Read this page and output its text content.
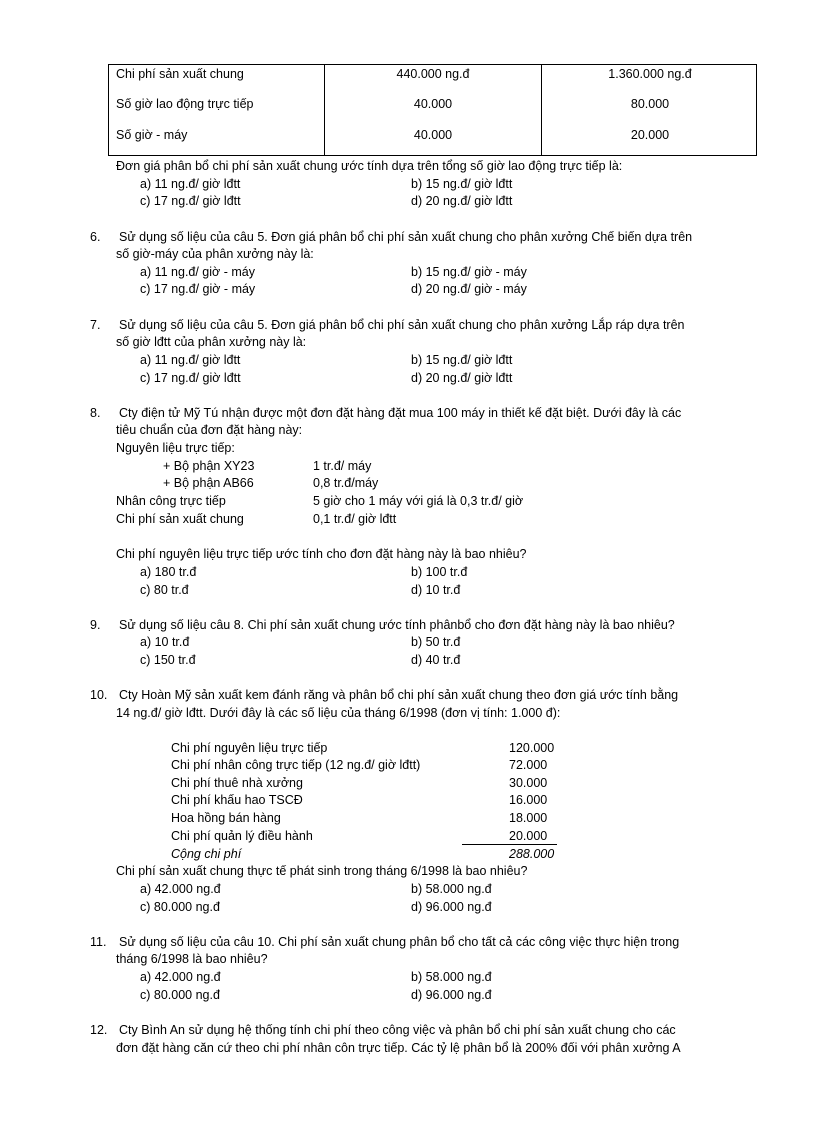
Chi phí sản xuất chung	440.000 ng.đ	1.360.000 ng.đ
Số giờ lao động trực tiếp	40.000	80.000
Số giờ - máy	40.000	20.000
Đơn giá phân bổ chi phí sản xuất chung ước tính dựa trên tổng số giờ lao động trực tiếp là:
a) 11 ng.đ/ giờ lđtt	b) 15 ng.đ/ giờ lđtt
c) 17 ng.đ/ giờ lđtt	d) 20 ng.đ/ giờ lđtt
6. Sử dụng số liệu của câu 5. Đơn giá phân bổ chi phí sản xuất chung cho phân xưởng Chế biến dựa trên
số giờ-máy của phân xưởng này là:
a) 11 ng.đ/ giờ - máy	b) 15 ng.đ/ giờ - máy
c) 17 ng.đ/ giờ - máy	d) 20 ng.đ/ giờ - máy
7. Sử dụng số liệu của câu 5. Đơn giá phân bổ chi phí sản xuất chung cho phân xưởng Lắp ráp dựa trên
số giờ lđtt của phân xưởng này là:
a) 11 ng.đ/ giờ lđtt	b) 15 ng.đ/ giờ lđtt
c) 17 ng.đ/ giờ lđtt	d) 20 ng.đ/ giờ lđtt
8. Cty điện tử Mỹ Tú nhận được một đơn đặt hàng đặt mua 100 máy in thiết kế đặt biệt. Dưới đây là các
tiêu chuẩn của đơn đặt hàng này:
Nguyên liệu trực tiếp:
+ Bộ phận XY23	1 tr.đ/ máy
+ Bộ phận AB66	0,8 tr.đ/máy
Nhân công trực tiếp	5 giờ cho 1 máy với giá là 0,3 tr.đ/ giờ
Chi phí sản xuất chung	0,1 tr.đ/ giờ lđtt
Chi phí nguyên liệu trực tiếp ước tính cho đơn đặt hàng này là bao nhiêu?
a) 180 tr.đ	b) 100 tr.đ
c) 80 tr.đ	d) 10 tr.đ
9. Sử dụng số liệu câu 8. Chi phí sản xuất chung ước tính phânbổ cho đơn đặt hàng này là bao nhiêu?
a) 10 tr.đ	b) 50 tr.đ
c) 150 tr.đ	d) 40 tr.đ
10. Cty Hoàn Mỹ sản xuất kem đánh răng và phân bổ chi phí sản xuất chung theo đơn giá ước tính bằng
14 ng.đ/ giờ lđtt. Dưới đây là các số liệu của tháng 6/1998 (đơn vị tính: 1.000 đ):
Chi phí nguyên liệu trực tiếp	120.000
Chi phí nhân công trực tiếp (12 ng.đ/ giờ lđtt)	72.000
Chi phí thuê nhà xưởng	30.000
Chi phí khấu hao TSCĐ	16.000
Hoa hồng bán hàng	18.000
Chi phí quản lý điều hành	20.000
Cộng chi phí	288.000
Chi phí sản xuất chung thực tế phát sinh trong tháng 6/1998 là bao nhiêu?
a) 42.000 ng.đ	b) 58.000 ng.đ
c) 80.000 ng.đ	d) 96.000 ng.đ
11. Sử dụng số liệu của câu 10. Chi phí sản xuất chung phân bổ cho tất cả các công việc thực hiện trong
tháng 6/1998 là bao nhiêu?
a) 42.000 ng.đ	b) 58.000 ng.đ
c) 80.000 ng.đ	d) 96.000 ng.đ
12. Cty Bình An sử dụng hệ thống tính chi phí theo công việc và phân bổ chi phí sản xuất chung cho các
đơn đặt hàng căn cứ theo chi phí nhân côn trực tiếp. Các tỷ lệ phân bổ là 200% đối với phân xưởng A
